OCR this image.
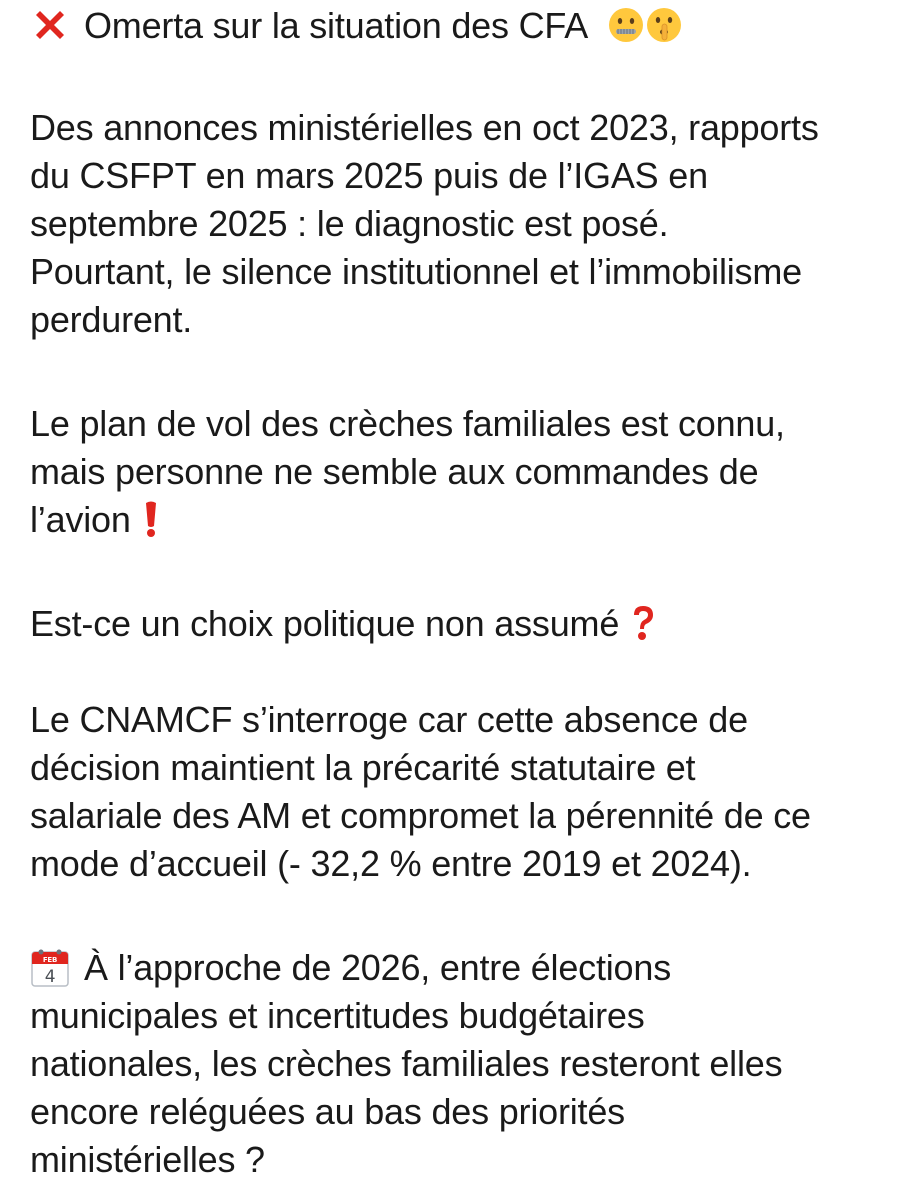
Omerta sur la situation des CFA
Des annonces ministérielles en oct 2023, rapports
du CSFPT en mars 2025 puis de l’IGAS en
septembre 2025 : le diagnostic est posé.
Pourtant, le silence institutionnel et l’immobilisme
perdurent.
Le plan de vol des crèches familiales est connu,
mais personne ne semble aux commandes de
l’avion
Est-ce un choix politique non assumé
Le CNAMCF s’interroge car cette absence de
décision maintient la précarité statutaire et
salariale des AM et compromet la pérennité de ce
mode d’accueil (- 32,2 % entre 2019 et 2024).
FEB
4 À l’approche de 2026, entre élections
municipales et incertitudes budgétaires
nationales, les crèches familiales resteront elles
encore reléguées au bas des priorités
ministérielles ?
